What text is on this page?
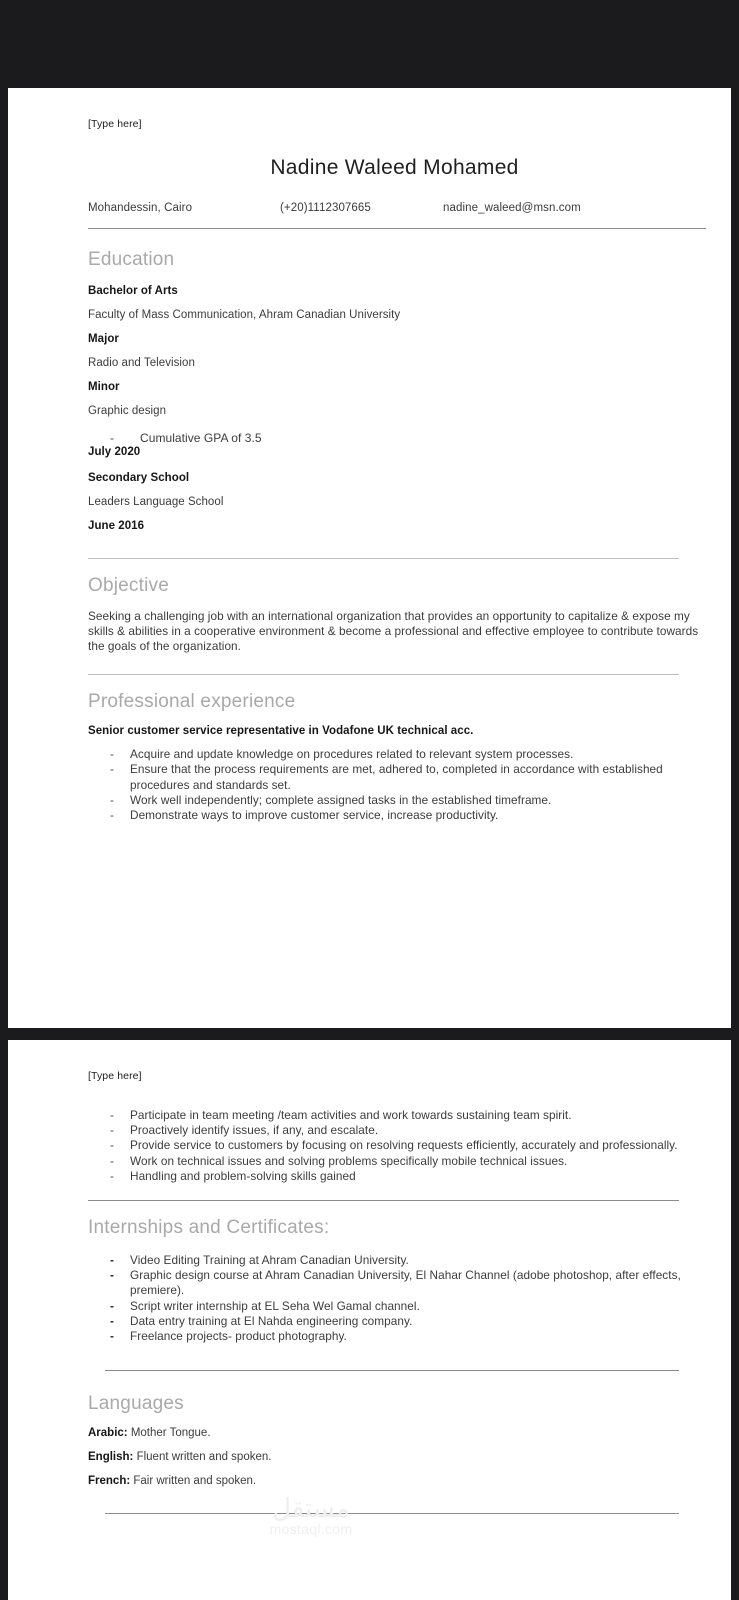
[Type here]
Nadine Waleed Mohamed
Mohandessin, Cairo	(+20)1112307665	nadine_waleed@msn.com
Education
Bachelor of Arts
Faculty of Mass Communication, Ahram Canadian University
Major
Radio and Television
Minor
Graphic design
- Cumulative GPA of 3.5
July 2020
Secondary School
Leaders Language School
June 2016
Objective

Seeking a challenging job with an international organization that provides an opportunity to capitalize & expose my skills & abilities in a cooperative environment & become a professional and effective employee to contribute towards the goals of the organization.

Professional experience
Senior customer service representative in Vodafone UK technical acc.
- Acquire and update knowledge on procedures related to relevant system processes.
- Ensure that the process requirements are met, adhered to, completed in accordance with established procedures and standards set.
- Work well independently; complete assigned tasks in the established timeframe.
- Demonstrate ways to improve customer service, increase productivity.
[Type here]
- Participate in team meeting /team activities and work towards sustaining team spirit.
- Proactively identify issues, if any, and escalate.
- Provide service to customers by focusing on resolving requests efficiently, accurately and professionally.
- Work on technical issues and solving problems specifically mobile technical issues.
- Handling and problem-solving skills gained
Internships and Certificates:
- Video Editing Training at Ahram Canadian University.
- Graphic design course at Ahram Canadian University, El Nahar Channel (adobe photoshop, after effects, premiere).
- Script writer internship at EL Seha Wel Gamal channel.
- Data entry training at El Nahda engineering company.
- Freelance projects- product photography.
Languages
Arabic: Mother Tongue.
English: Fluent written and spoken.
French: Fair written and spoken.
مستقل
mostaql.com
